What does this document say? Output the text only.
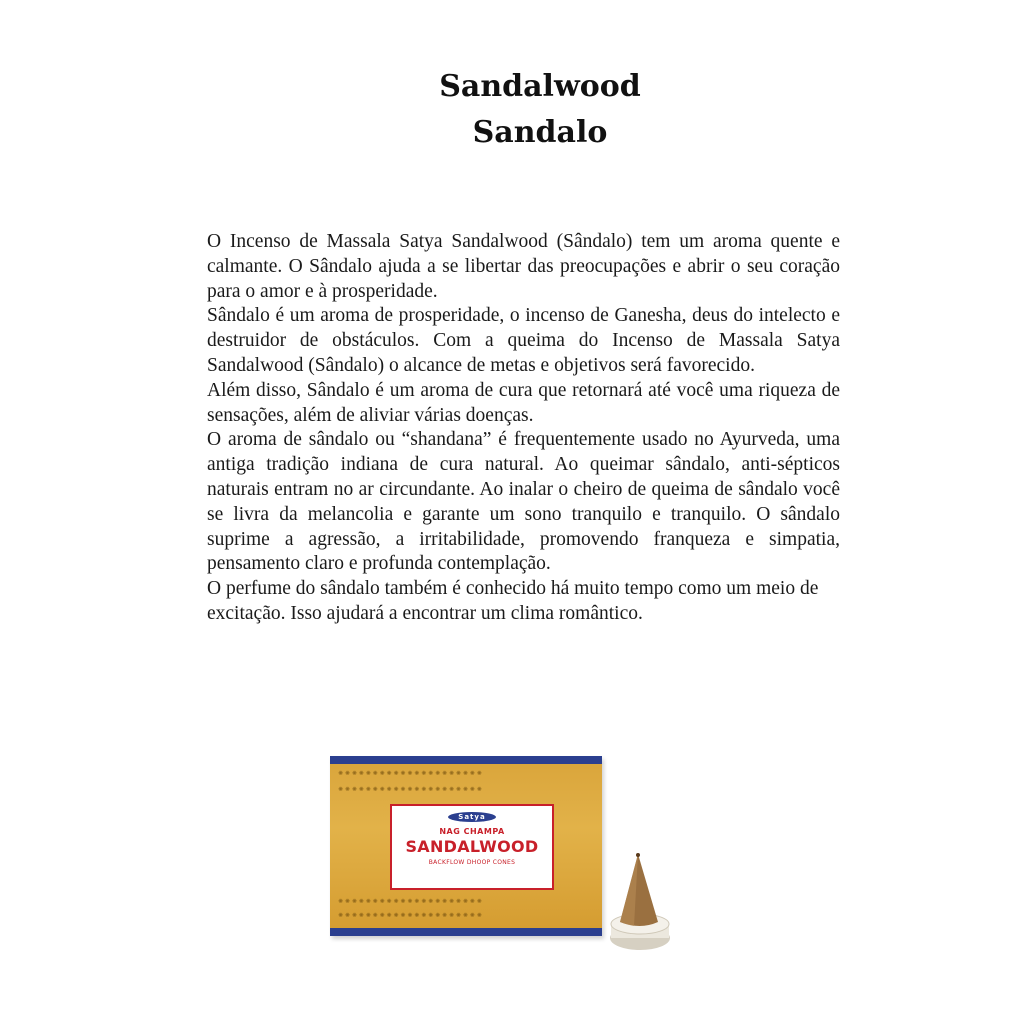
Sandalwood
Sandalo

O Incenso de Massala Satya Sandalwood (Sândalo) tem um aroma quente e calmante. O Sândalo ajuda a se libertar das preocupações e abrir o seu coração para o amor e à prosperidade.

Sândalo é um aroma de prosperidade, o incenso de Ganesha, deus do intelecto e destruidor de obstáculos. Com a queima do Incenso de Massala Satya Sandalwood (Sândalo) o alcance de metas e objetivos será favorecido.

Além disso, Sândalo é um aroma de cura que retornará até você uma riqueza de sensações, além de aliviar várias doenças.

O aroma de sândalo ou “shandana” é frequentemente usado no Ayurveda, uma antiga tradição indiana de cura natural. Ao queimar sândalo, anti-sépticos naturais entram no ar circundante. Ao inalar o cheiro de queima de sândalo você se livra da melancolia e garante um sono tranquilo e tranquilo. O sândalo suprime a agressão, a irritabilidade, promovendo franqueza e simpatia, pensamento claro e profunda contemplação.

O perfume do sândalo também é conhecido há muito tempo como um meio de excitação. Isso ajudará a encontrar um clima romântico.

✺ ✺ ✺ ✺ ✺ ✺ ✺ ✺ ✺ ✺ ✺ ✺ ✺ ✺ ✺ ✺ ✺ ✺ ✺ ✺ ✺
✺ ✺ ✺ ✺ ✺ ✺ ✺ ✺ ✺ ✺ ✺ ✺ ✺ ✺ ✺ ✺ ✺ ✺ ✺ ✺ ✺
✺ ✺ ✺ ✺ ✺ ✺ ✺ ✺ ✺ ✺ ✺ ✺ ✺ ✺ ✺ ✺ ✺ ✺ ✺ ✺ ✺
✺ ✺ ✺ ✺ ✺ ✺ ✺ ✺ ✺ ✺ ✺ ✺ ✺ ✺ ✺ ✺ ✺ ✺ ✺ ✺ ✺
Satya
NAG CHAMPA
SANDALWOOD
BACKFLOW DHOOP CONES
